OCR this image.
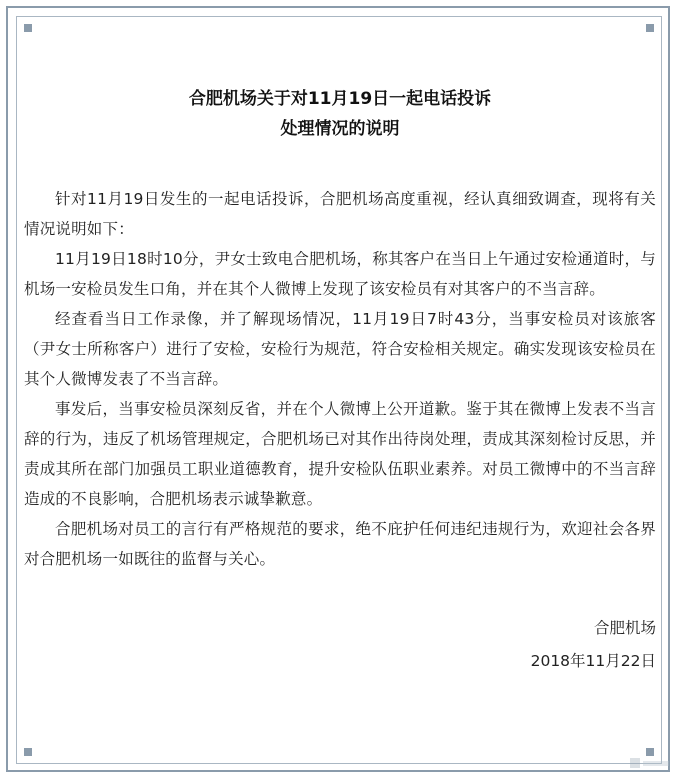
合肥机场关于对11月19日一起电话投诉
处理情况的说明

针对11月19日发生的一起电话投诉，合肥机场高度重视，经认真细致调查，现将有关情况说明如下：

11月19日18时10分，尹女士致电合肥机场，称其客户在当日上午通过安检通道时，与机场一安检员发生口角，并在其个人微博上发现了该安检员有对其客户的不当言辞。

经查看当日工作录像，并了解现场情况，11月19日7时43分，当事安检员对该旅客（尹女士所称客户）进行了安检，安检行为规范，符合安检相关规定。确实发现该安检员在其个人微博发表了不当言辞。

事发后，当事安检员深刻反省，并在个人微博上公开道歉。鉴于其在微博上发表不当言辞的行为，违反了机场管理规定，合肥机场已对其作出待岗处理，责成其深刻检讨反思，并责成其所在部门加强员工职业道德教育，提升安检队伍职业素养。对员工微博中的不当言辞造成的不良影响，合肥机场表示诚挚歉意。

合肥机场对员工的言行有严格规范的要求，绝不庇护任何违纪违规行为，欢迎社会各界对合肥机场一如既往的监督与关心。

合肥机场
2018年11月22日
